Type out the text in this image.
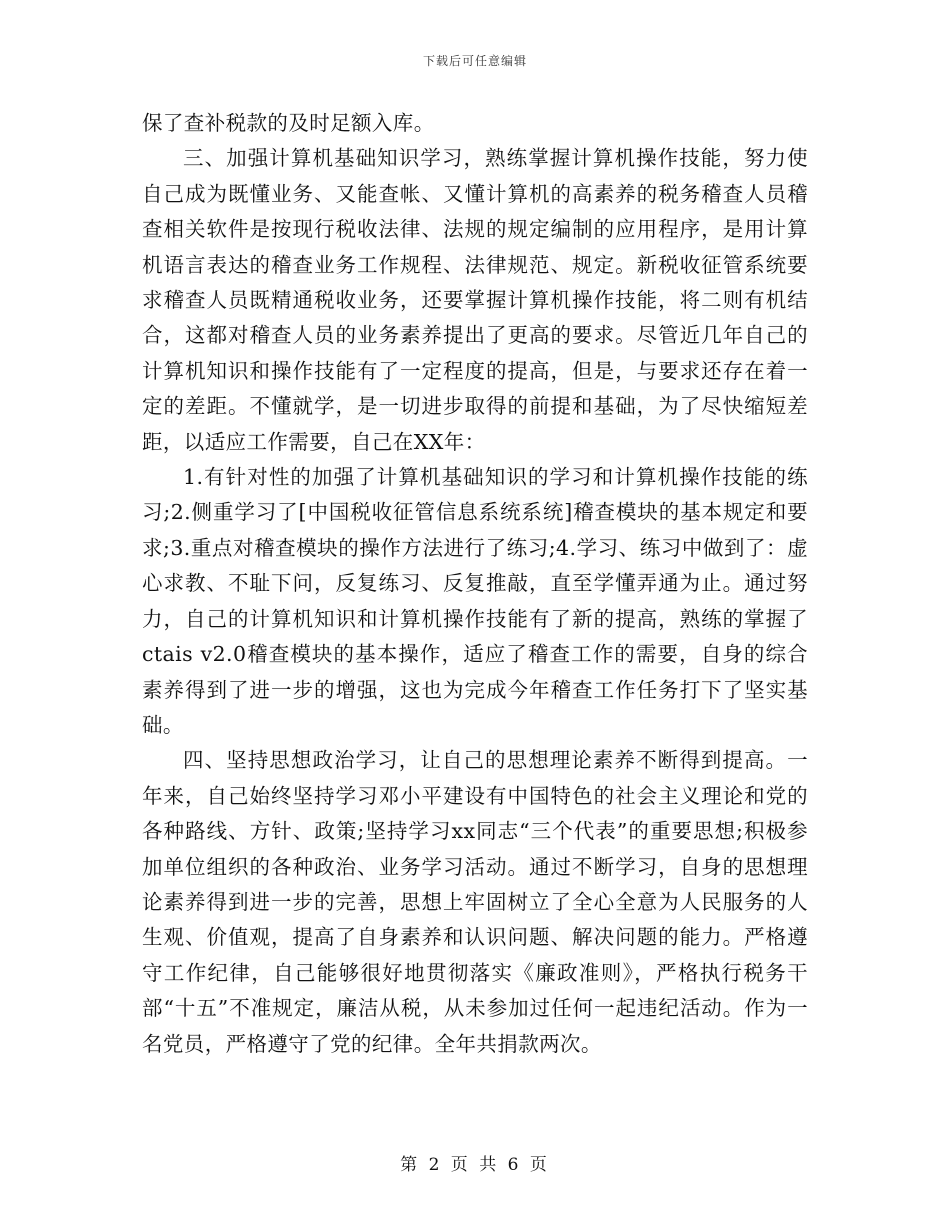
下载后可任意编辑

保了查补税款的及时足额入库。

三、加强计算机基础知识学习，熟练掌握计算机操作技能，努力使自己成为既懂业务、又能查帐、又懂计算机的高素养的税务稽查人员稽查相关软件是按现行税收法律、法规的规定编制的应用程序，是用计算机语言表达的稽查业务工作规程、法律规范、规定。新税收征管系统要求稽查人员既精通税收业务，还要掌握计算机操作技能，将二则有机结合，这都对稽查人员的业务素养提出了更高的要求。尽管近几年自己的计算机知识和操作技能有了一定程度的提高，但是，与要求还存在着一定的差距。不懂就学，是一切进步取得的前提和基础，为了尽快缩短差距，以适应工作需要，自己在XX年：

1.有针对性的加强了计算机基础知识的学习和计算机操作技能的练习;2.侧重学习了[中国税收征管信息系统系统]稽查模块的基本规定和要求;3.重点对稽查模块的操作方法进行了练习;4.学习、练习中做到了：虚心求教、不耻下问，反复练习、反复推敲，直至学懂弄通为止。通过努力，自己的计算机知识和计算机操作技能有了新的提高，熟练的掌握了ctais v2.0稽查模块的基本操作，适应了稽查工作的需要，自身的综合素养得到了进一步的增强，这也为完成今年稽查工作任务打下了坚实基础。

四、坚持思想政治学习，让自己的思想理论素养不断得到提高。一年来，自己始终坚持学习邓小平建设有中国特色的社会主义理论和党的各种路线、方针、政策;坚持学习xx同志“三个代表”的重要思想;积极参加单位组织的各种政治、业务学习活动。通过不断学习，自身的思想理论素养得到进一步的完善，思想上牢固树立了全心全意为人民服务的人生观、价值观，提高了自身素养和认识问题、解决问题的能力。严格遵守工作纪律，自己能够很好地贯彻落实《廉政准则》，严格执行税务干部“十五”不准规定，廉洁从税，从未参加过任何一起违纪活动。作为一名党员，严格遵守了党的纪律。全年共捐款两次。

第 2 页 共 6 页
